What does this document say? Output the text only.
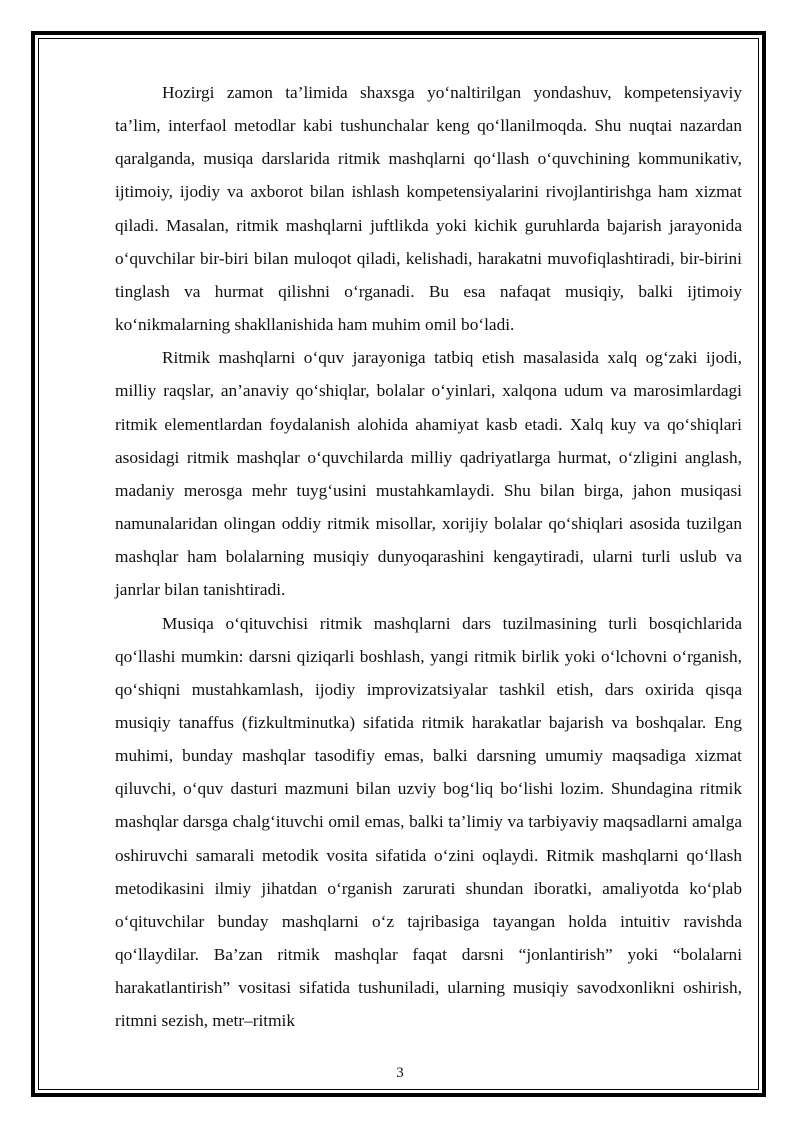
Hozirgi zamon ta’limida shaxsga yo‘naltirilgan yondashuv, kompetensiyaviy ta’lim, interfaol metodlar kabi tushunchalar keng qo‘llanilmoqda. Shu nuqtai nazardan qaralganda, musiqa darslarida ritmik mashqlarni qo‘llash o‘quvchining kommunikativ, ijtimoiy, ijodiy va axborot bilan ishlash kompetensiyalarini rivojlantirishga ham xizmat qiladi. Masalan, ritmik mashqlarni juftlikda yoki kichik guruhlarda bajarish jarayonida o‘quvchilar bir-biri bilan muloqot qiladi, kelishadi, harakatni muvofiqlashtiradi, bir-birini tinglash va hurmat qilishni o‘rganadi. Bu esa nafaqat musiqiy, balki ijtimoiy ko‘nikmalarning shakllanishida ham muhim omil bo‘ladi.

Ritmik mashqlarni o‘quv jarayoniga tatbiq etish masalasida xalq og‘zaki ijodi, milliy raqslar, an’anaviy qo‘shiqlar, bolalar o‘yinlari, xalqona udum va marosimlardagi ritmik elementlardan foydalanish alohida ahamiyat kasb etadi. Xalq kuy va qo‘shiqlari asosidagi ritmik mashqlar o‘quvchilarda milliy qadriyatlarga hurmat, o‘zligini anglash, madaniy merosga mehr tuyg‘usini mustahkamlaydi. Shu bilan birga, jahon musiqasi namunalaridan olingan oddiy ritmik misollar, xorijiy bolalar qo‘shiqlari asosida tuzilgan mashqlar ham bolalarning musiqiy dunyoqarashini kengaytiradi, ularni turli uslub va janrlar bilan tanishtiradi.

Musiqa o‘qituvchisi ritmik mashqlarni dars tuzilmasining turli bosqichlarida qo‘llashi mumkin: darsni qiziqarli boshlash, yangi ritmik birlik yoki o‘lchovni o‘rganish, qo‘shiqni mustahkamlash, ijodiy improvizatsiyalar tashkil etish, dars oxirida qisqa musiqiy tanaffus (fizkultminutka) sifatida ritmik harakatlar bajarish va boshqalar. Eng muhimi, bunday mashqlar tasodifiy emas, balki darsning umumiy maqsadiga xizmat qiluvchi, o‘quv dasturi mazmuni bilan uzviy bog‘liq bo‘lishi lozim. Shundagina ritmik mashqlar darsga chalg‘ituvchi omil emas, balki ta’limiy va tarbiyaviy maqsadlarni amalga oshiruvchi samarali metodik vosita sifatida o‘zini oqlaydi. Ritmik mashqlarni qo‘llash metodikasini ilmiy jihatdan o‘rganish zarurati shundan iboratki, amaliyotda ko‘plab o‘qituvchilar bunday mashqlarni o‘z tajribasiga tayangan holda intuitiv ravishda qo‘llaydilar. Ba’zan ritmik mashqlar faqat darsni “jonlantirish” yoki “bolalarni harakatlantirish” vositasi sifatida tushuniladi, ularning musiqiy savodxonlikni oshirish, ritmni sezish, metr–ritmik

3
